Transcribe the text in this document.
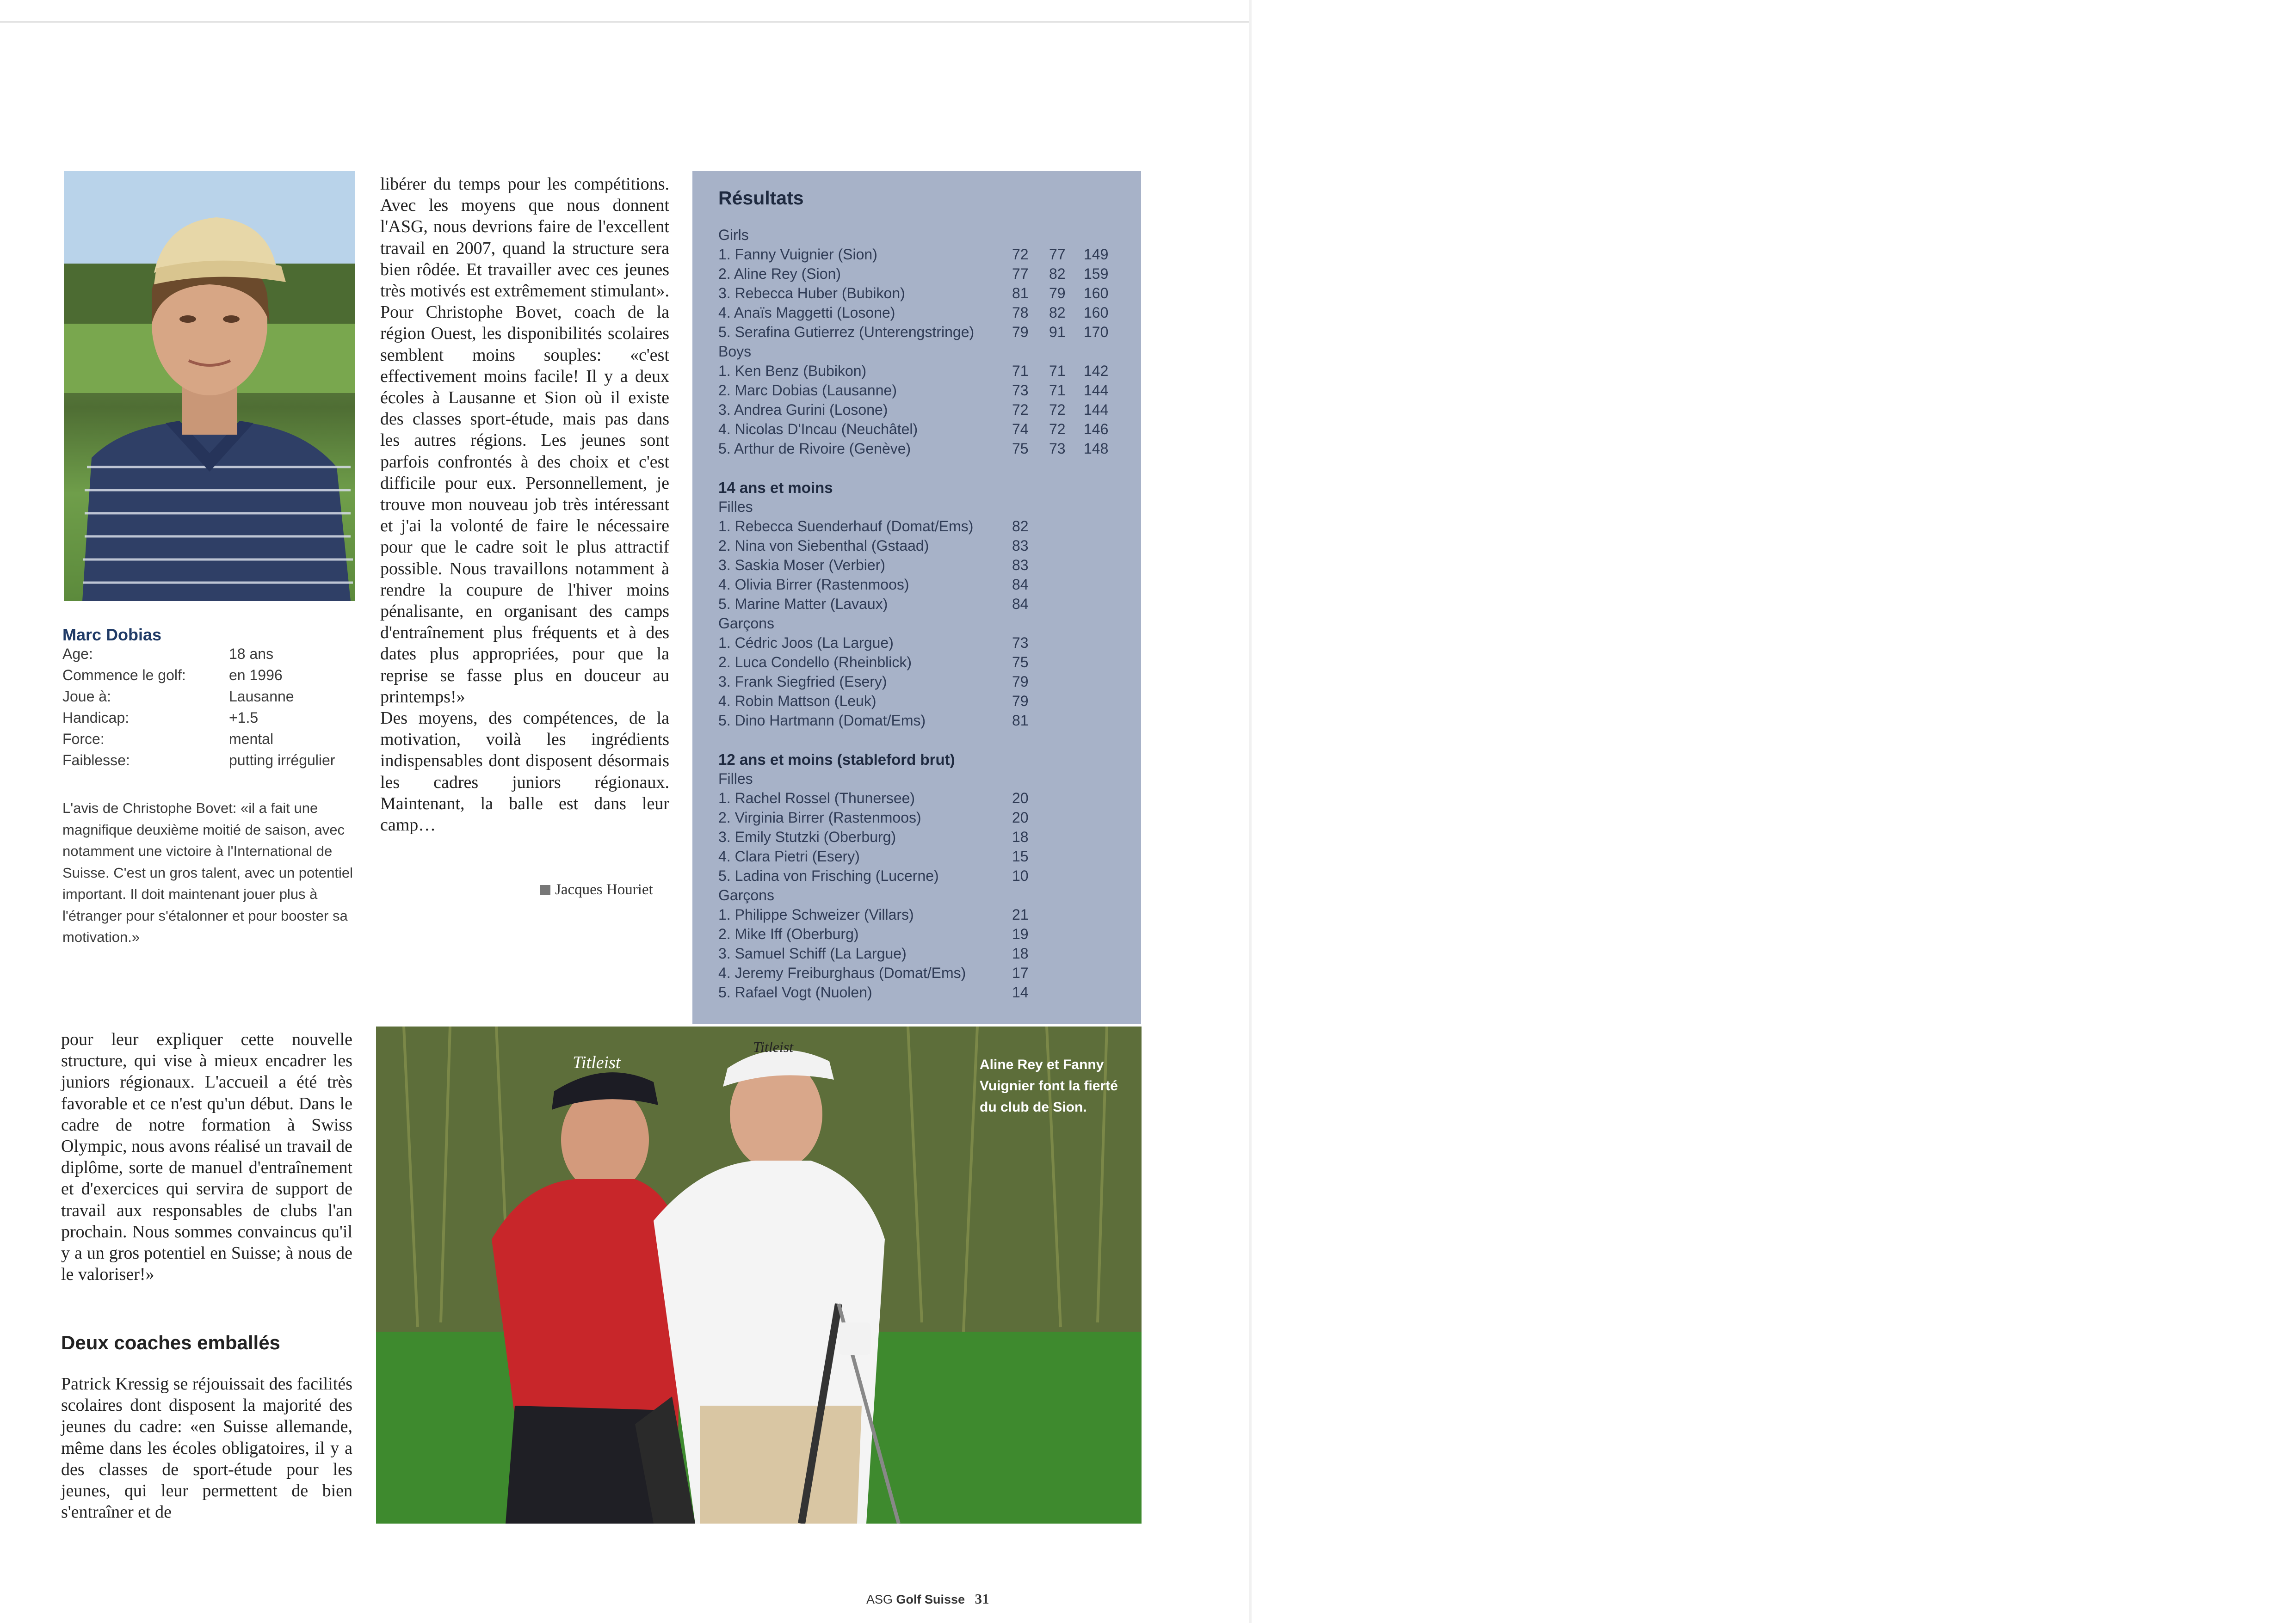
Marc Dobias
Age:	18 ans
Commence le golf:	en 1996
Joue à:	Lausanne
Handicap:	+1.5
Force:	mental
Faiblesse:	putting irrégulier
L'avis de Christophe Bovet: «il a fait une magnifique deuxième moitié de saison, avec notamment une victoire à l'International de Suisse. C'est un gros talent, avec un potentiel important. Il doit maintenant jouer plus à l'étranger pour s'étalonner et pour booster sa motivation.»
libérer du temps pour les compétitions. Avec les moyens que nous donnent l'ASG, nous devrions faire de l'excellent travail en 2007, quand la structure sera bien rôdée. Et travailler avec ces jeunes très motivés est extrêmement stimulant». Pour Christophe Bovet, coach de la région Ouest, les disponibilités scolaires semblent moins souples: «c'est effectivement moins facile! Il y a deux écoles à Lausanne et Sion où il existe des classes sport-étude, mais pas dans les autres régions. Les jeunes sont parfois confrontés à des choix et c'est difficile pour eux. Personnellement, je trouve mon nouveau job très intéressant et j'ai la volonté de faire le nécessaire pour que le cadre soit le plus attractif possible. Nous travaillons notamment à rendre la coupure de l'hiver moins pénalisante, en organisant des camps d'entraînement plus fréquents et à des dates plus appropriées, pour que la reprise se fasse plus en douceur au printemps!»
Des moyens, des compétences, de la motivation, voilà les ingrédients indispensables dont disposent désormais les cadres juniors régionaux. Maintenant, la balle est dans leur camp…
Jacques Houriet
Résultats
Girls
1. Fanny Vuignier (Sion)	72 77 149
2. Aline Rey (Sion)	77 82 159
3. Rebecca Huber (Bubikon)	81 79 160
4. Anaïs Maggetti (Losone)	78 82 160
5. Serafina Gutierrez (Unterengstringe)	79 91 170
Boys
1. Ken Benz (Bubikon)	71 71 142
2. Marc Dobias (Lausanne)	73 71 144
3. Andrea Gurini (Losone)	72 72 144
4. Nicolas D'Incau (Neuchâtel)	74 72 146
5. Arthur de Rivoire (Genève)	75 73 148
14 ans et moins
Filles
1. Rebecca Suenderhauf (Domat/Ems)	82
2. Nina von Siebenthal (Gstaad)	83
3. Saskia Moser (Verbier)	83
4. Olivia Birrer (Rastenmoos)	84
5. Marine Matter (Lavaux)	84
Garçons
1. Cédric Joos (La Largue)	73
2. Luca Condello (Rheinblick)	75
3. Frank Siegfried (Esery)	79
4. Robin Mattson (Leuk)	79
5. Dino Hartmann (Domat/Ems)	81
12 ans et moins (stableford brut)
Filles
1. Rachel Rossel (Thunersee)	20
2. Virginia Birrer (Rastenmoos)	20
3. Emily Stutzki (Oberburg)	18
4. Clara Pietri (Esery)	15
5. Ladina von Frisching (Lucerne)	10
Garçons
1. Philippe Schweizer (Villars)	21
2. Mike Iff (Oberburg)	19
3. Samuel Schiff (La Largue)	18
4. Jeremy Freiburghaus (Domat/Ems)	17
5. Rafael Vogt (Nuolen)	14
pour leur expliquer cette nouvelle structure, qui vise à mieux encadrer les juniors régionaux. L'accueil a été très favorable et ce n'est qu'un début. Dans le cadre de notre formation à Swiss Olympic, nous avons réalisé un travail de diplôme, sorte de manuel d'entraînement et d'exercices qui servira de support de travail aux responsables de clubs l'an prochain. Nous sommes convaincus qu'il y a un gros potentiel en Suisse; à nous de le valoriser!»
Deux coaches emballés
Patrick Kressig se réjouissait des facilités scolaires dont disposent la majorité des jeunes du cadre: «en Suisse allemande, même dans les écoles obligatoires, il y a des classes de sport-étude pour les jeunes, qui leur permettent de bien s'entraîner et de
Titleist
Titleist
Aline Rey et Fanny Vuignier font la fierté du club de Sion.
ASG Golf Suisse 31
